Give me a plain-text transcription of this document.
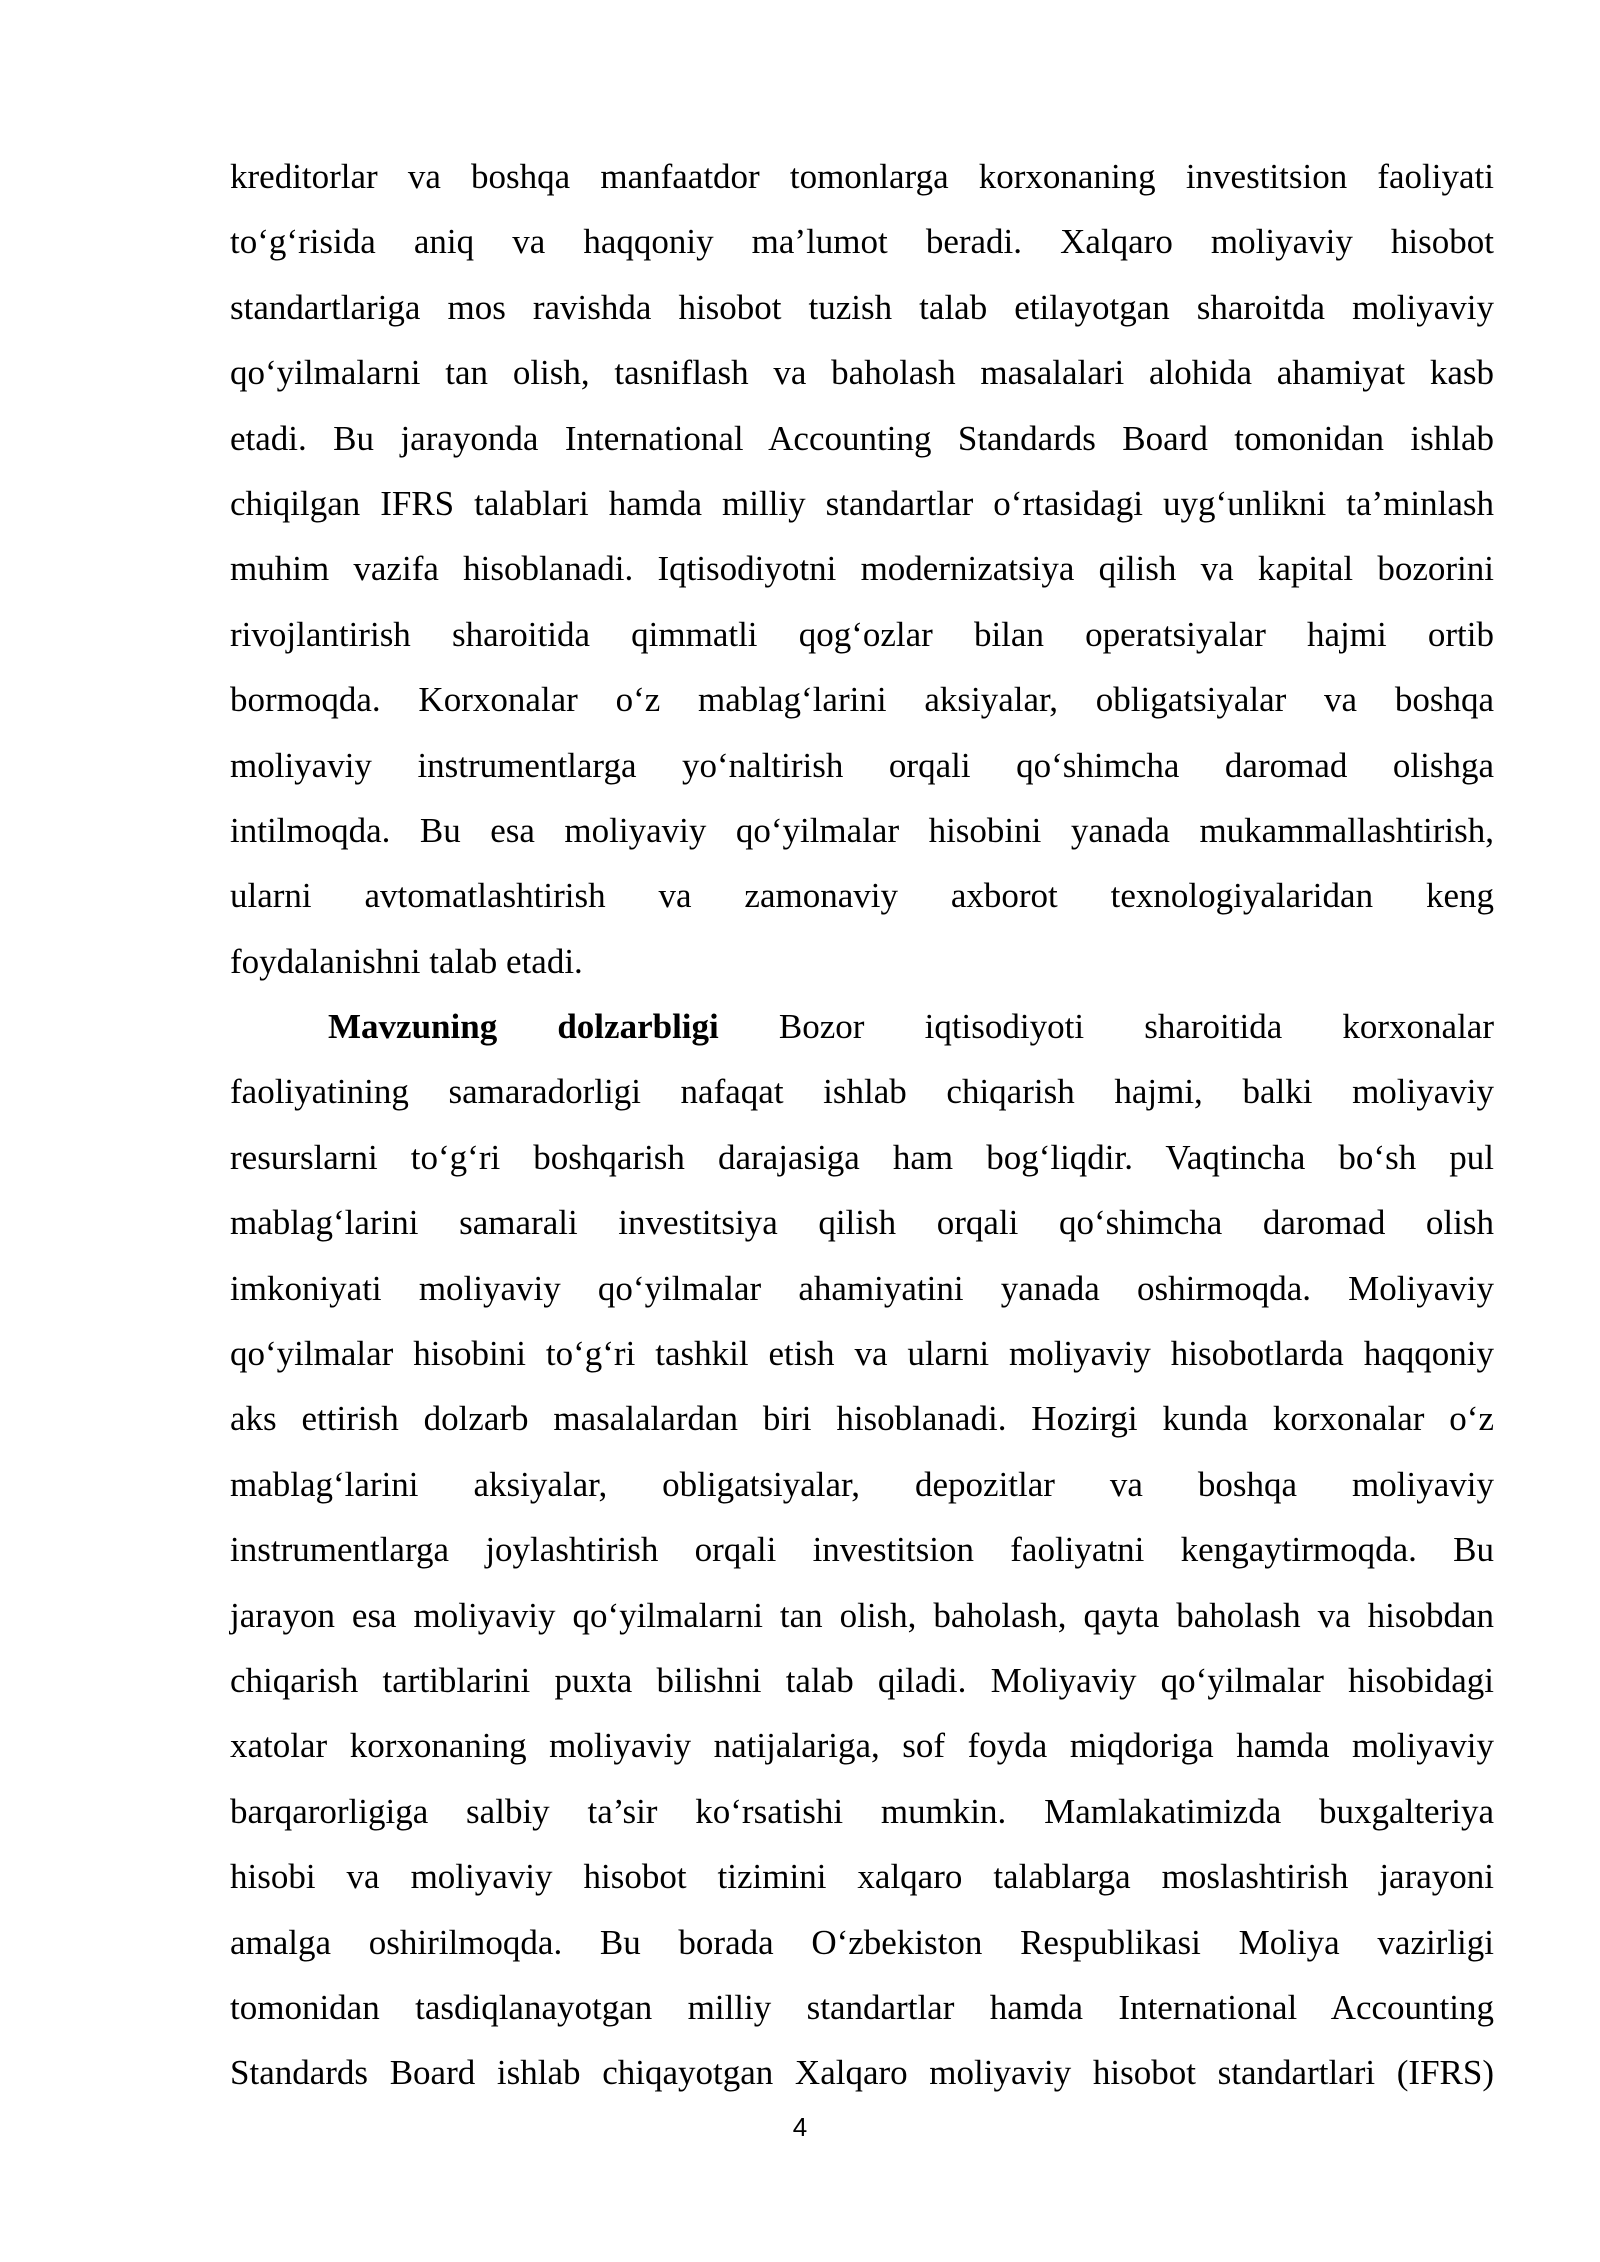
kreditorlar va boshqa manfaatdor tomonlarga korxonaning investitsion faoliyati
to‘g‘risida aniq va haqqoniy ma’lumot beradi. Xalqaro moliyaviy hisobot
standartlariga mos ravishda hisobot tuzish talab etilayotgan sharoitda moliyaviy
qo‘yilmalarni tan olish, tasniflash va baholash masalalari alohida ahamiyat kasb
etadi. Bu jarayonda International Accounting Standards Board tomonidan ishlab
chiqilgan IFRS talablari hamda milliy standartlar o‘rtasidagi uyg‘unlikni ta’minlash
muhim vazifa hisoblanadi. Iqtisodiyotni modernizatsiya qilish va kapital bozorini
rivojlantirish sharoitida qimmatli qog‘ozlar bilan operatsiyalar hajmi ortib
bormoqda. Korxonalar o‘z mablag‘larini aksiyalar, obligatsiyalar va boshqa
moliyaviy instrumentlarga yo‘naltirish orqali qo‘shimcha daromad olishga
intilmoqda. Bu esa moliyaviy qo‘yilmalar hisobini yanada mukammallashtirish,
ularni avtomatlashtirish va zamonaviy axborot texnologiyalaridan keng
foydalanishni talab etadi.
Mavzuning dolzarbligi Bozor iqtisodiyoti sharoitida korxonalar
faoliyatining samaradorligi nafaqat ishlab chiqarish hajmi, balki moliyaviy
resurslarni to‘g‘ri boshqarish darajasiga ham bog‘liqdir. Vaqtincha bo‘sh pul
mablag‘larini samarali investitsiya qilish orqali qo‘shimcha daromad olish
imkoniyati moliyaviy qo‘yilmalar ahamiyatini yanada oshirmoqda. Moliyaviy
qo‘yilmalar hisobini to‘g‘ri tashkil etish va ularni moliyaviy hisobotlarda haqqoniy
aks ettirish dolzarb masalalardan biri hisoblanadi. Hozirgi kunda korxonalar o‘z
mablag‘larini aksiyalar, obligatsiyalar, depozitlar va boshqa moliyaviy
instrumentlarga joylashtirish orqali investitsion faoliyatni kengaytirmoqda. Bu
jarayon esa moliyaviy qo‘yilmalarni tan olish, baholash, qayta baholash va hisobdan
chiqarish tartiblarini puxta bilishni talab qiladi. Moliyaviy qo‘yilmalar hisobidagi
xatolar korxonaning moliyaviy natijalariga, sof foyda miqdoriga hamda moliyaviy
barqarorligiga salbiy ta’sir ko‘rsatishi mumkin. Mamlakatimizda buxgalteriya
hisobi va moliyaviy hisobot tizimini xalqaro talablarga moslashtirish jarayoni
amalga oshirilmoqda. Bu borada O‘zbekiston Respublikasi Moliya vazirligi
tomonidan tasdiqlanayotgan milliy standartlar hamda International Accounting
Standards Board ishlab chiqayotgan Xalqaro moliyaviy hisobot standartlari (IFRS)
4
